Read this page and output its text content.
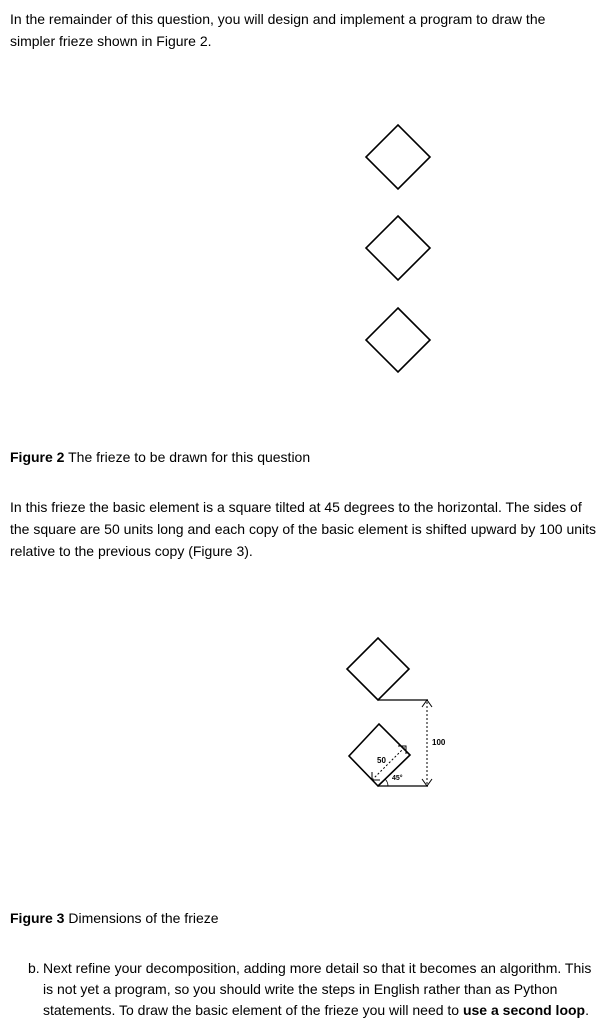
In the remainder of this question, you will design and implement a program to draw the simpler frieze shown in Figure 2.

Figure 2 The frieze to be drawn for this question

In this frieze the basic element is a square tilted at 45 degrees to the horizontal. The sides of the square are 50 units long and each copy of the basic element is shifted upward by 100 units relative to the previous copy (Figure 3).

50
45°
100

Figure 3 Dimensions of the frieze

b. Next refine your decomposition, adding more detail so that it becomes an algorithm. This is not yet a program, so you should write the steps in English rather than as Python statements. To draw the basic element of the frieze you will need to use a second loop.
